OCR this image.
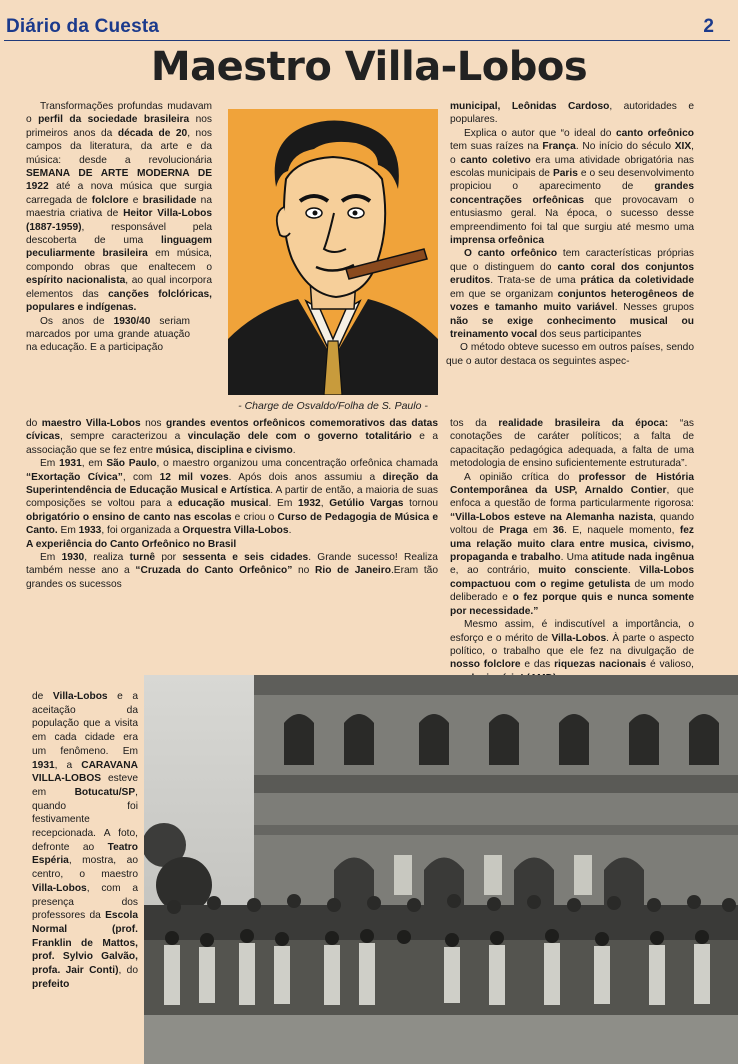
Diário da Cuesta	2
Maestro Villa-Lobos

Transformações profundas mudavam o perfil da sociedade brasileira nos primeiros anos da década de 20, nos campos da literatura, da arte e da música: desde a revolucionária SEMANA DE ARTE MODERNA DE 1922 até a nova música que surgia carregada de folclore e brasilidade na maestria criativa de Heitor Villa-Lobos (1887-1959), responsável pela descoberta de uma linguagem peculiarmente brasileira em música, compondo obras que enaltecem o espírito nacionalista, ao qual incorpora elementos das canções folclóricas, populares e indígenas.

Os anos de 1930/40 seriam marcados por uma grande atuação na educação. E a participação

- Charge de Osvaldo/Folha de S. Paulo -

municipal, Leônidas Cardoso, autoridades e populares.

Explica o autor que “o ideal do canto orfeônico tem suas raízes na França. No início do século XIX, o canto coletivo era uma atividade obrigatória nas escolas municipais de Paris e o seu desenvolvimento propiciou o aparecimento de grandes concentrações orfeônicas que provocavam o entusiasmo geral. Na época, o sucesso desse empreendimento foi tal que surgiu até mesmo uma imprensa orfeônica

O canto orfeônico tem características próprias que o distinguem do canto coral dos conjuntos eruditos. Trata-se de uma prática da coletividade em que se organizam conjuntos heterogêneos de vozes e tamanho muito variável. Nesses grupos não se exige conhecimento musical ou treinamento vocal dos seus participantes

O método obteve sucesso em outros países, sendo que o autor destaca os seguintes aspec-

do maestro Villa-Lobos nos grandes eventos orfeônicos comemorativos das datas cívicas, sempre caracterizou a vinculação dele com o governo totalitário e a associação que se fez entre música, disciplina e civismo.

Em 1931, em São Paulo, o maestro organizou uma concentração orfeônica chamada “Exortação Cívica”, com 12 mil vozes. Após dois anos assumiu a direção da Superintendência de Educação Musical e Artística. A partir de então, a maioria de suas composições se voltou para a educação musical. Em 1932, Getúlio Vargas tornou obrigatório o ensino de canto nas escolas e criou o Curso de Pedagogia de Música e Canto. Em 1933, foi organizada a Orquestra Villa-Lobos.

A experiência do Canto Orfeônico no Brasil

Em 1930, realiza turnê por sessenta e seis cidades. Grande sucesso! Realiza também nesse ano a “Cruzada do Canto Orfeônico” no Rio de Janeiro.Eram tão grandes os sucessos

tos da realidade brasileira da época: “as conotações de caráter políticos; a falta de capacitação pedagógica adequada, a falta de uma metodologia de ensino suficientemente estruturada”.

A opinião crítica do professor de História Contemporânea da USP, Arnaldo Contier, que enfoca a questão de forma particularmente rigorosa: “Villa-Lobos esteve na Alemanha nazista, quando voltou de Praga em 36. E, naquele momento, fez uma relação muito clara entre musica, civismo, propaganda e trabalho. Uma atitude nada ingênua e, ao contrário, muito consciente. Villa-Lobos compactuou com o regime getulista de um modo deliberado e o fez porque quis e nunca somente por necessidade.”

Mesmo assim, é indiscutível a importância, o esforço e o mérito de Villa-Lobos. À parte o aspecto político, o trabalho que ele fez na divulgação de nosso folclore e das riquezas nacionais é valioso,

de Villa-Lobos e a aceitação da população que a visita em cada cidade era um fenômeno. Em 1931, a CARAVANA VILLA-LOBOS esteve em Botucatu/SP, quando foi festivamente recepcionada. A foto, defronte ao Teatro Espéria, mostra, ao centro, o maestro Villa-Lobos, com a presença dos professores da Escola Normal (prof. Franklin de Mattos, prof. Sylvio Galvão, profa. Jair Conti), do prefeito
